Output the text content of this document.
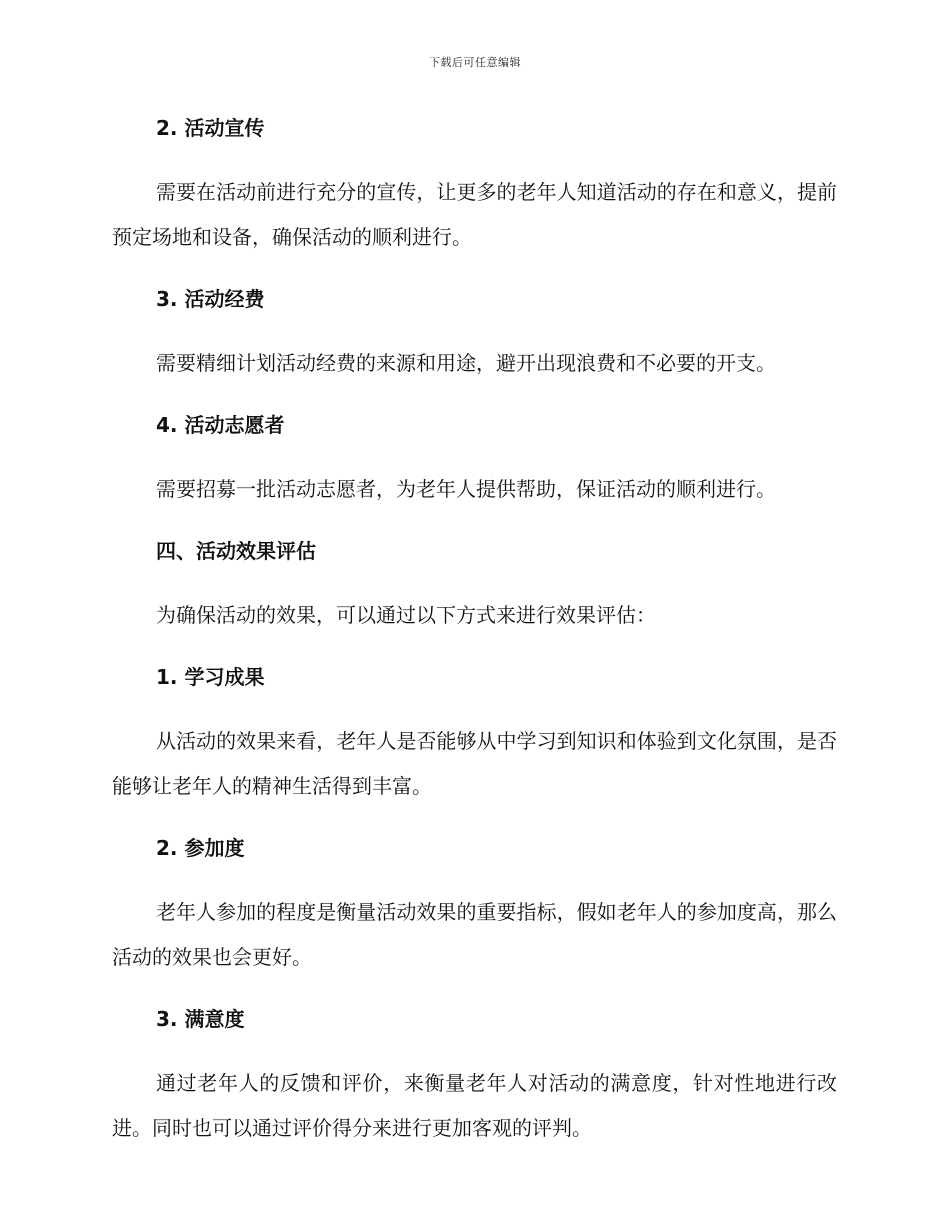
下载后可任意编辑
2. 活动宣传

需要在活动前进行充分的宣传，让更多的老年人知道活动的存在和意义，提前预定场地和设备，确保活动的顺利进行。

3. 活动经费

需要精细计划活动经费的来源和用途，避开出现浪费和不必要的开支。

4. 活动志愿者

需要招募一批活动志愿者，为老年人提供帮助，保证活动的顺利进行。

四、活动效果评估

为确保活动的效果，可以通过以下方式来进行效果评估：

1. 学习成果

从活动的效果来看，老年人是否能够从中学习到知识和体验到文化氛围，是否能够让老年人的精神生活得到丰富。

2. 参加度

老年人参加的程度是衡量活动效果的重要指标，假如老年人的参加度高，那么活动的效果也会更好。

3. 满意度

通过老年人的反馈和评价，来衡量老年人对活动的满意度，针对性地进行改进。同时也可以通过评价得分来进行更加客观的评判。
